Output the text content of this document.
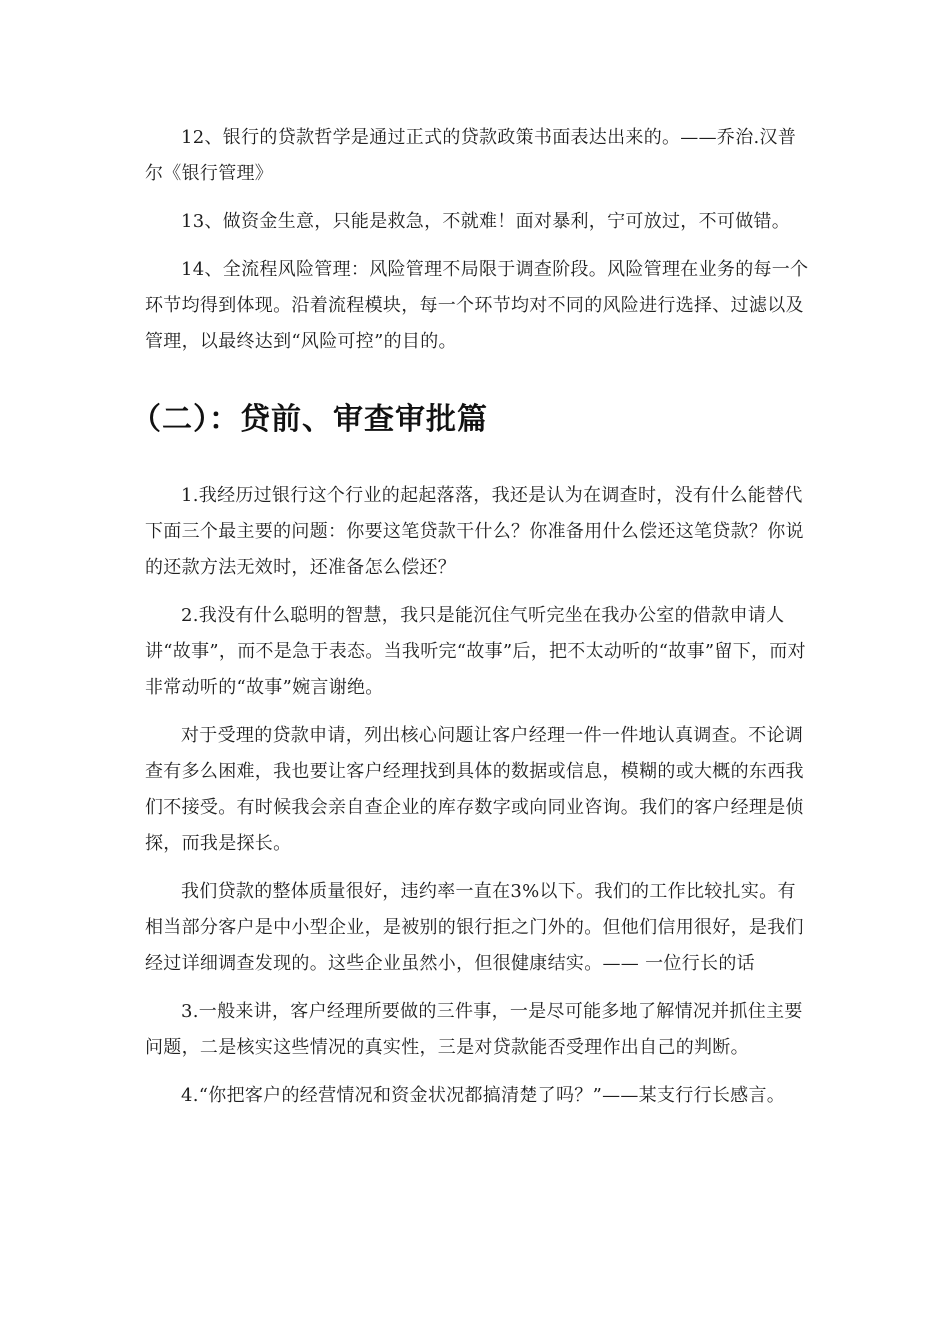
12、银行的贷款哲学是通过正式的贷款政策书面表达出来的。——乔治.汉普尔《银行管理》

13、做资金生意，只能是救急，不就难！面对暴利，宁可放过，不可做错。

14、全流程风险管理：风险管理不局限于调查阶段。风险管理在业务的每一个环节均得到体现。沿着流程模块，每一个环节均对不同的风险进行选择、过滤以及管理，以最终达到“风险可控”的目的。

（二）：贷前、审查审批篇

1.我经历过银行这个行业的起起落落，我还是认为在调查时，没有什么能替代下面三个最主要的问题：你要这笔贷款干什么？你准备用什么偿还这笔贷款？你说的还款方法无效时，还准备怎么偿还？

2.我没有什么聪明的智慧，我只是能沉住气听完坐在我办公室的借款申请人讲“故事”，而不是急于表态。当我听完“故事”后，把不太动听的“故事”留下，而对非常动听的“故事”婉言谢绝。

对于受理的贷款申请，列出核心问题让客户经理一件一件地认真调查。不论调查有多么困难，我也要让客户经理找到具体的数据或信息，模糊的或大概的东西我们不接受。有时候我会亲自查企业的库存数字或向同业咨询。我们的客户经理是侦探，而我是探长。

我们贷款的整体质量很好，违约率一直在3%以下。我们的工作比较扎实。有相当部分客户是中小型企业，是被别的银行拒之门外的。但他们信用很好，是我们经过详细调查发现的。这些企业虽然小，但很健康结实。—— 一位行长的话

3.一般来讲，客户经理所要做的三件事，一是尽可能多地了解情况并抓住主要问题，二是核实这些情况的真实性，三是对贷款能否受理作出自己的判断。

4.“你把客户的经营情况和资金状况都搞清楚了吗？”——某支行行长感言。
